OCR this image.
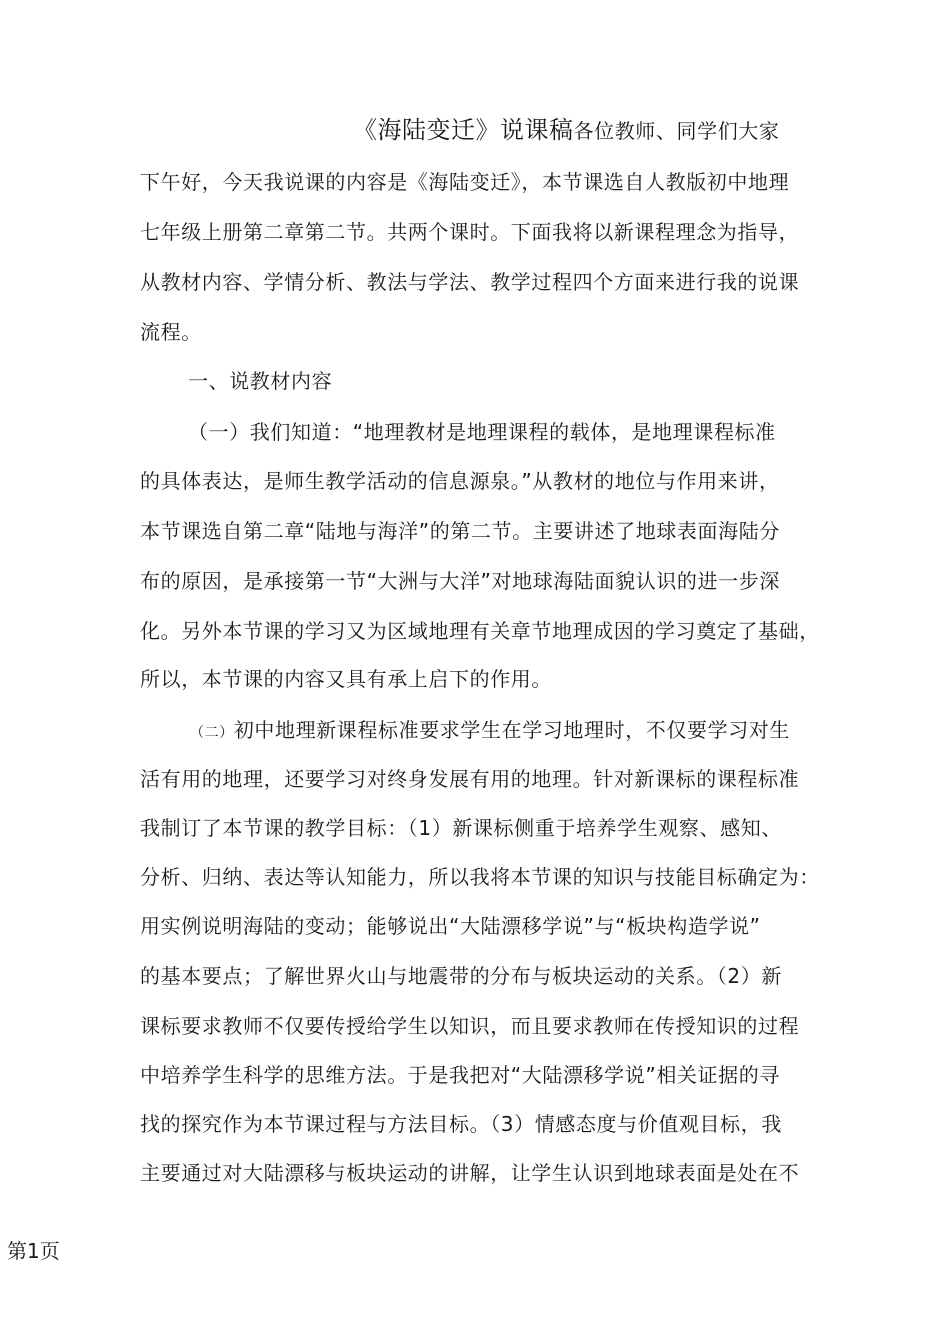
《海陆变迁》说课稿各位教师、同学们大家
下午好，今天我说课的内容是《海陆变迁》，本节课选自人教版初中地理
七年级上册第二章第二节。共两个课时。下面我将以新课程理念为指导，
从教材内容、学情分析、教法与学法、教学过程四个方面来进行我的说课
流程。
一、说教材内容
（一）我们知道：“地理教材是地理课程的载体，是地理课程标准
的具体表达，是师生教学活动的信息源泉。”从教材的地位与作用来讲，
本节课选自第二章“陆地与海洋”的第二节。主要讲述了地球表面海陆分
布的原因，是承接第一节“大洲与大洋”对地球海陆面貌认识的进一步深
化。另外本节课的学习又为区域地理有关章节地理成因的学习奠定了基础，
所以，本节课的内容又具有承上启下的作用。
（二）初中地理新课程标准要求学生在学习地理时，不仅要学习对生
活有用的地理，还要学习对终身发展有用的地理。针对新课标的课程标准
我制订了本节课的教学目标：（1）新课标侧重于培养学生观察、感知、
分析、归纳、表达等认知能力，所以我将本节课的知识与技能目标确定为：
用实例说明海陆的变动；能够说出“大陆漂移学说”与“板块构造学说”
的基本要点；了解世界火山与地震带的分布与板块运动的关系。（2）新
课标要求教师不仅要传授给学生以知识，而且要求教师在传授知识的过程
中培养学生科学的思维方法。于是我把对“大陆漂移学说”相关证据的寻
找的探究作为本节课过程与方法目标。（3）情感态度与价值观目标，我
主要通过对大陆漂移与板块运动的讲解，让学生认识到地球表面是处在不
第1页
